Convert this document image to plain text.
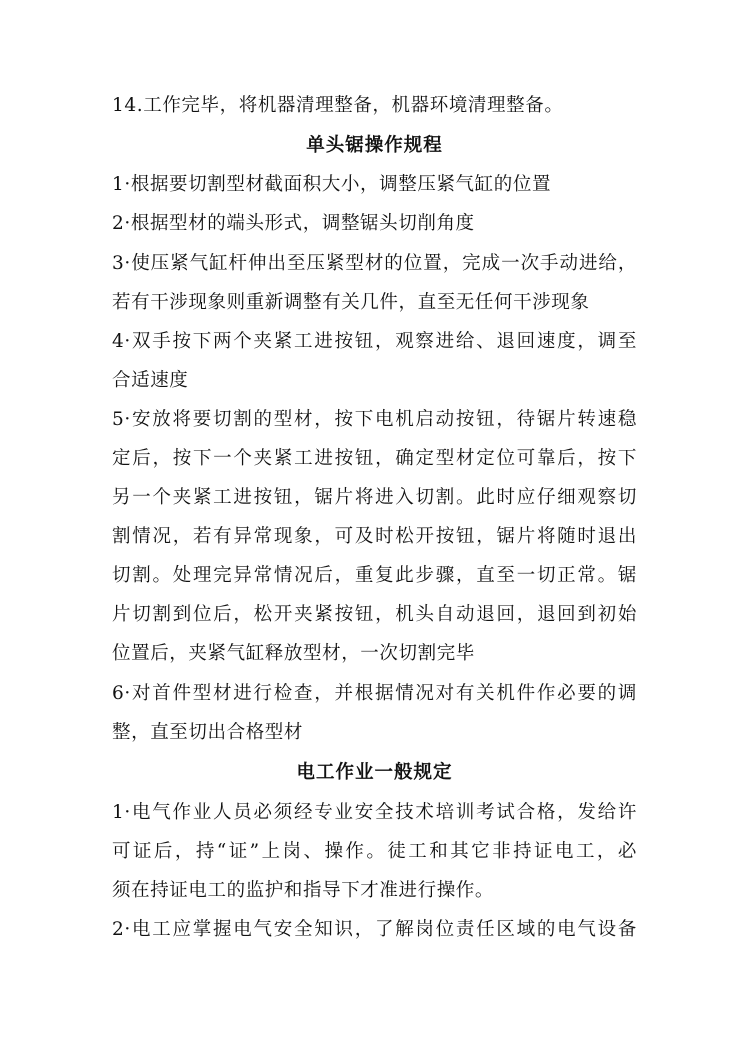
14.工作完毕，将机器清理整备，机器环境清理整备。
单头锯操作规程
1·根据要切割型材截面积大小，调整压紧气缸的位置
2·根据型材的端头形式，调整锯头切削角度
3·使压紧气缸杆伸出至压紧型材的位置，完成一次手动进给，
若有干涉现象则重新调整有关几件，直至无任何干涉现象
4·双手按下两个夹紧工进按钮，观察进给、退回速度，调至
合适速度
5·安放将要切割的型材，按下电机启动按钮，待锯片转速稳
定后，按下一个夹紧工进按钮，确定型材定位可靠后，按下
另一个夹紧工进按钮，锯片将进入切割。此时应仔细观察切
割情况，若有异常现象，可及时松开按钮，锯片将随时退出
切割。处理完异常情况后，重复此步骤，直至一切正常。锯
片切割到位后，松开夹紧按钮，机头自动退回，退回到初始
位置后，夹紧气缸释放型材，一次切割完毕
6·对首件型材进行检查，并根据情况对有关机件作必要的调
整，直至切出合格型材
电工作业一般规定
1·电气作业人员必须经专业安全技术培训考试合格，发给许
可证后，持“证”上岗、操作。徒工和其它非持证电工，必
须在持证电工的监护和指导下才准进行操作。
2·电工应掌握电气安全知识，了解岗位责任区域的电气设备
